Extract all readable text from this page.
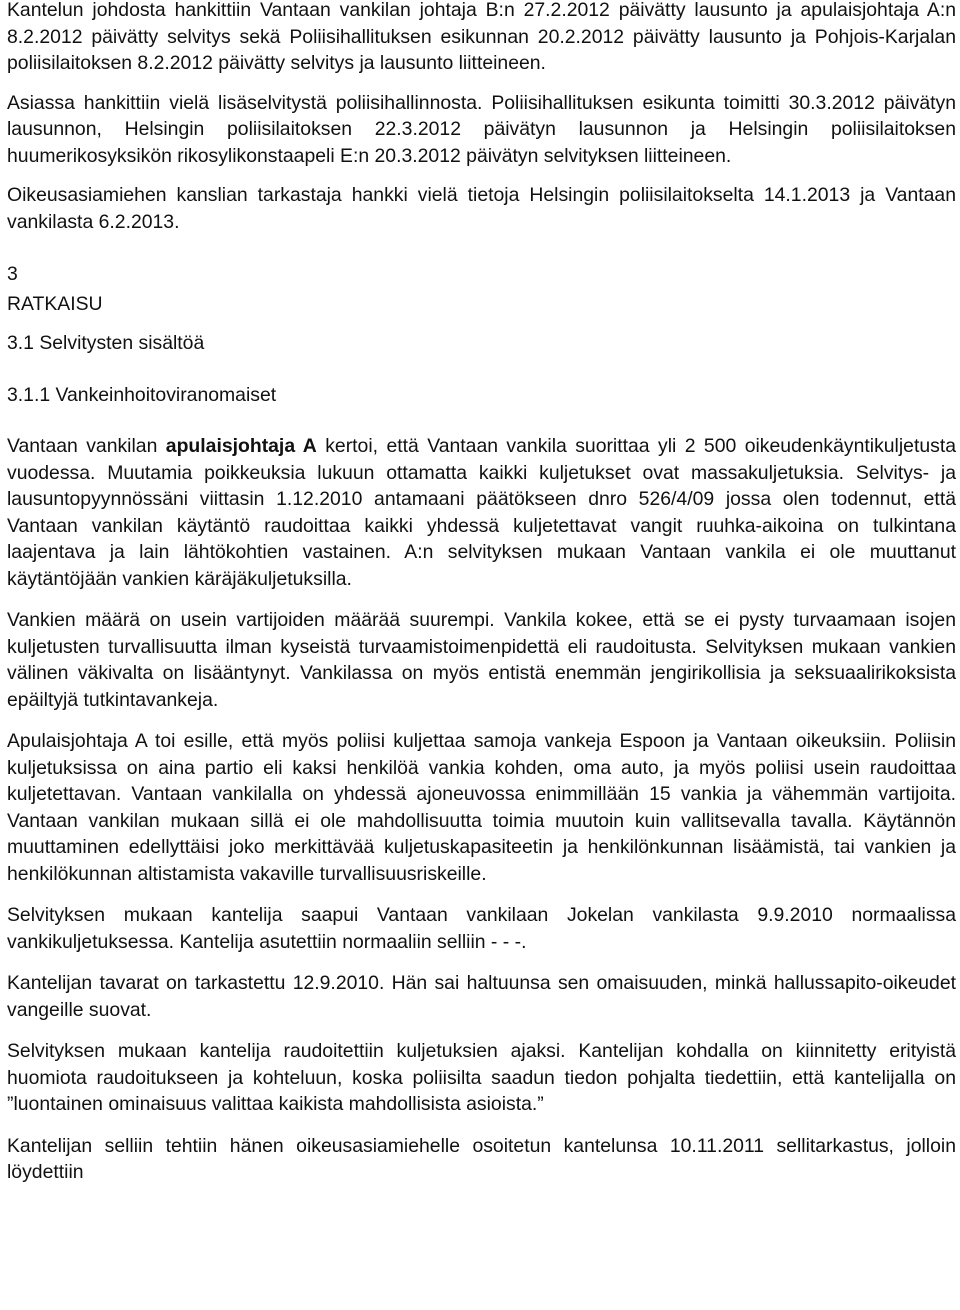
Kantelun johdosta hankittiin Vantaan vankilan johtaja B:n 27.2.2012 päivätty lausunto ja apulaisjohtaja A:n 8.2.2012 päivätty selvitys sekä Poliisihallituksen esikunnan 20.2.2012 päivätty lausunto ja Pohjois-Karjalan poliisilaitoksen 8.2.2012 päivätty selvitys ja lausunto liitteineen.

Asiassa hankittiin vielä lisäselvitystä poliisihallinnosta. Poliisihallituksen esikunta toimitti 30.3.2012 päivätyn lausunnon, Helsingin poliisilaitoksen 22.3.2012 päivätyn lausunnon ja Helsingin poliisilaitoksen huumerikosyksikön rikosylikonstaapeli E:n 20.3.2012 päivätyn selvityksen liitteineen.

Oikeusasiamiehen kanslian tarkastaja hankki vielä tietoja Helsingin poliisilaitokselta 14.1.2013 ja Vantaan vankilasta 6.2.2013.

3
RATKAISU
3.1 Selvitysten sisältöä
3.1.1 Vankeinhoitoviranomaiset

Vantaan vankilan apulaisjohtaja A kertoi, että Vantaan vankila suorittaa yli 2 500 oikeudenkäyntikuljetusta vuodessa. Muutamia poikkeuksia lukuun ottamatta kaikki kuljetukset ovat massakuljetuksia. Selvitys- ja lausuntopyynnössäni viittasin 1.12.2010 antamaani päätökseen dnro 526/4/09 jossa olen todennut, että Vantaan vankilan käytäntö raudoittaa kaikki yhdessä kuljetettavat vangit ruuhka-aikoina on tulkintana laajentava ja lain lähtökohtien vastainen. A:n selvityksen mukaan Vantaan vankila ei ole muuttanut käytäntöjään vankien käräjäkuljetuksilla.

Vankien määrä on usein vartijoiden määrää suurempi. Vankila kokee, että se ei pysty turvaamaan isojen kuljetusten turvallisuutta ilman kyseistä turvaamistoimenpidettä eli raudoitusta. Selvityksen mukaan vankien välinen väkivalta on lisääntynyt. Vankilassa on myös entistä enemmän jengirikollisia ja seksuaalirikoksista epäiltyjä tutkintavankeja.

Apulaisjohtaja A toi esille, että myös poliisi kuljettaa samoja vankeja Espoon ja Vantaan oikeuksiin. Poliisin kuljetuksissa on aina partio eli kaksi henkilöä vankia kohden, oma auto, ja myös poliisi usein raudoittaa kuljetettavan. Vantaan vankilalla on yhdessä ajoneuvossa enimmillään 15 vankia ja vähemmän vartijoita. Vantaan vankilan mukaan sillä ei ole mahdollisuutta toimia muutoin kuin vallitsevalla tavalla. Käytännön muuttaminen edellyttäisi joko merkittävää kuljetuskapasiteetin ja henkilönkunnan lisäämistä, tai vankien ja henkilökunnan altistamista vakaville turvallisuusriskeille.

Selvityksen mukaan kantelija saapui Vantaan vankilaan Jokelan vankilasta 9.9.2010 normaalissa vankikuljetuksessa. Kantelija asutettiin normaaliin selliin - - -.

Kantelijan tavarat on tarkastettu 12.9.2010. Hän sai haltuunsa sen omaisuuden, minkä hallussapito-oikeudet vangeille suovat.

Selvityksen mukaan kantelija raudoitettiin kuljetuksien ajaksi. Kantelijan kohdalla on kiinnitetty erityistä huomiota raudoitukseen ja kohteluun, koska poliisilta saadun tiedon pohjalta tiedettiin, että kantelijalla on ”luontainen ominaisuus valittaa kaikista mahdollisista asioista.”

Kantelijan selliin tehtiin hänen oikeusasiamiehelle osoitetun kantelunsa 10.11.2011 sellitarkastus, jolloin löydettiin
